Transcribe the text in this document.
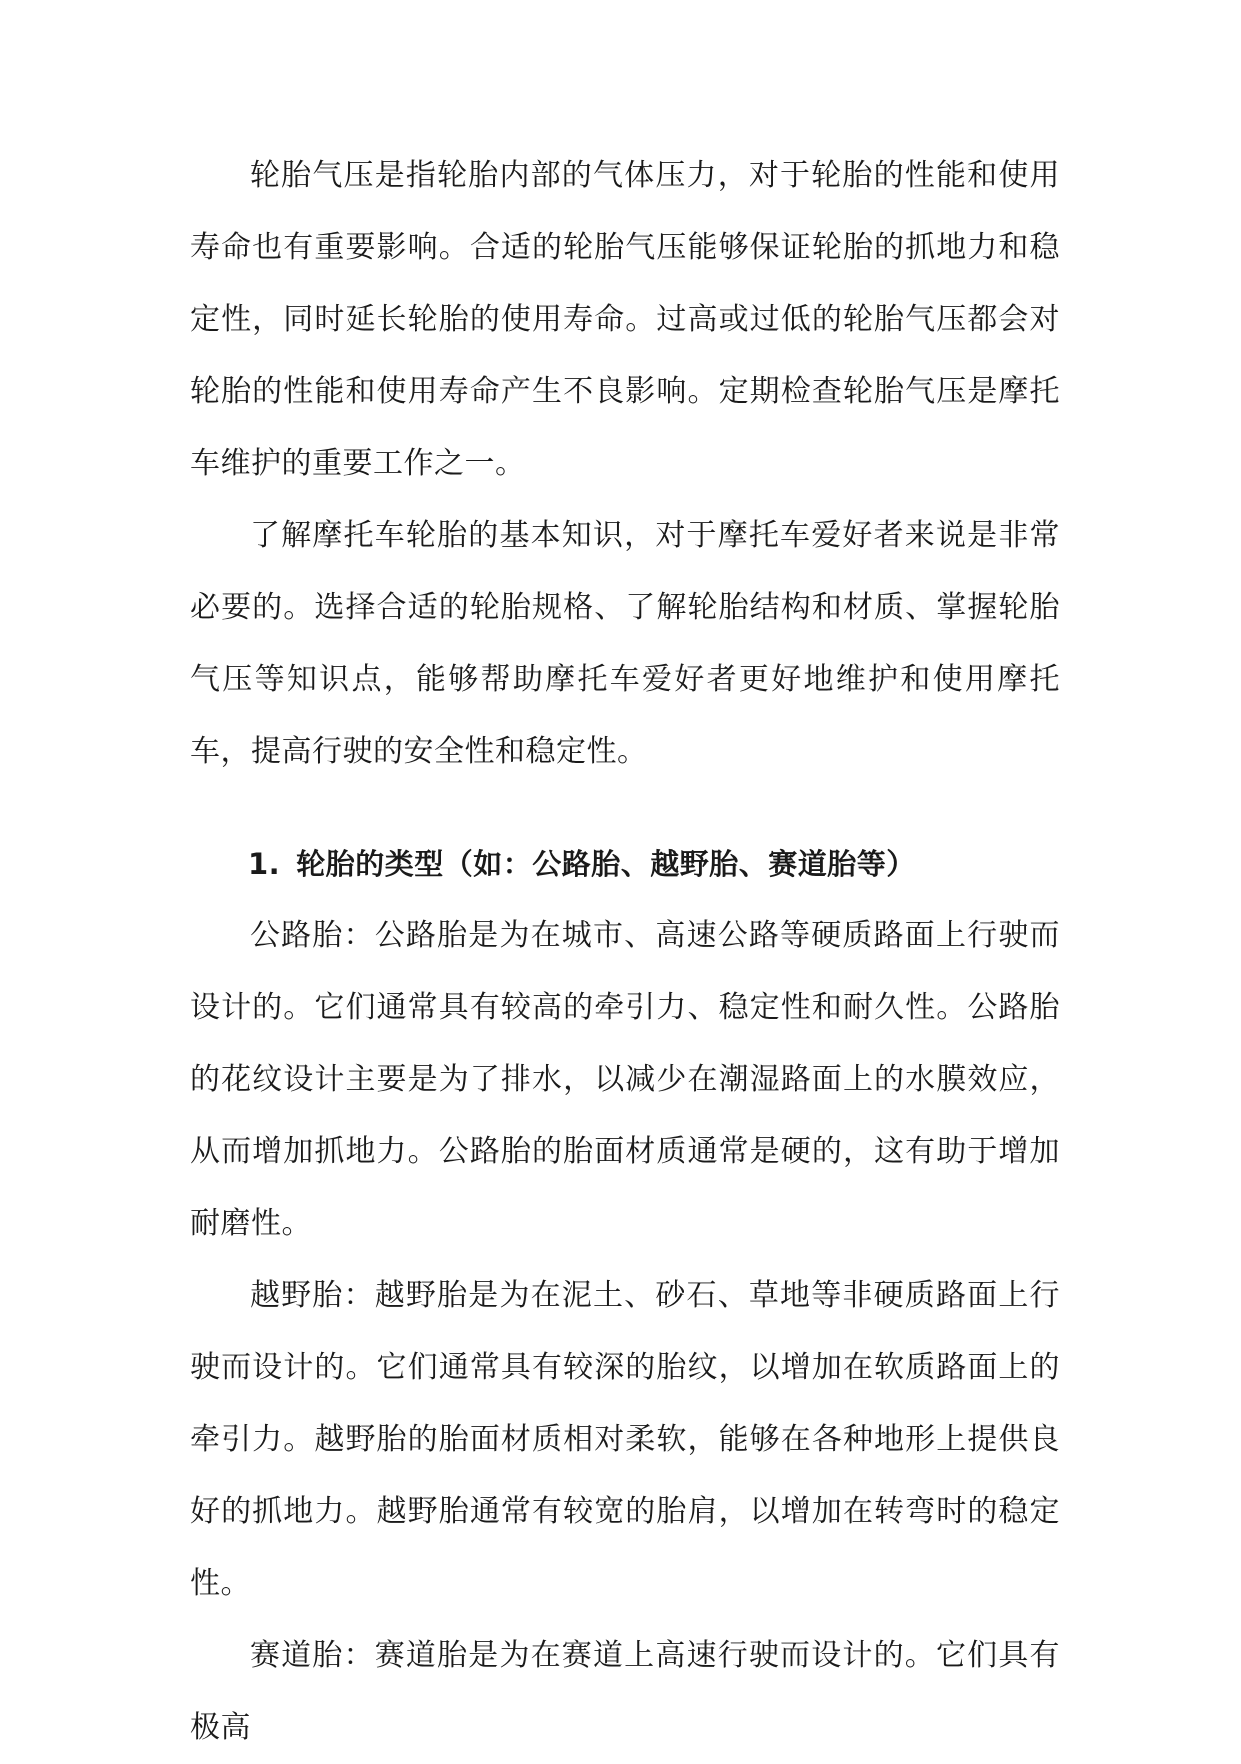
轮胎气压是指轮胎内部的气体压力，对于轮胎的性能和使用寿命也有重要影响。合适的轮胎气压能够保证轮胎的抓地力和稳定性，同时延长轮胎的使用寿命。过高或过低的轮胎气压都会对轮胎的性能和使用寿命产生不良影响。定期检查轮胎气压是摩托车维护的重要工作之一。

了解摩托车轮胎的基本知识，对于摩托车爱好者来说是非常必要的。选择合适的轮胎规格、了解轮胎结构和材质、掌握轮胎气压等知识点，能够帮助摩托车爱好者更好地维护和使用摩托车，提高行驶的安全性和稳定性。

1. 轮胎的类型（如：公路胎、越野胎、赛道胎等）

公路胎：公路胎是为在城市、高速公路等硬质路面上行驶而设计的。它们通常具有较高的牵引力、稳定性和耐久性。公路胎的花纹设计主要是为了排水，以减少在潮湿路面上的水膜效应，从而增加抓地力。公路胎的胎面材质通常是硬的，这有助于增加耐磨性。

越野胎：越野胎是为在泥土、砂石、草地等非硬质路面上行驶而设计的。它们通常具有较深的胎纹，以增加在软质路面上的牵引力。越野胎的胎面材质相对柔软，能够在各种地形上提供良好的抓地力。越野胎通常有较宽的胎肩，以增加在转弯时的稳定性。

赛道胎：赛道胎是为在赛道上高速行驶而设计的。它们具有极高
